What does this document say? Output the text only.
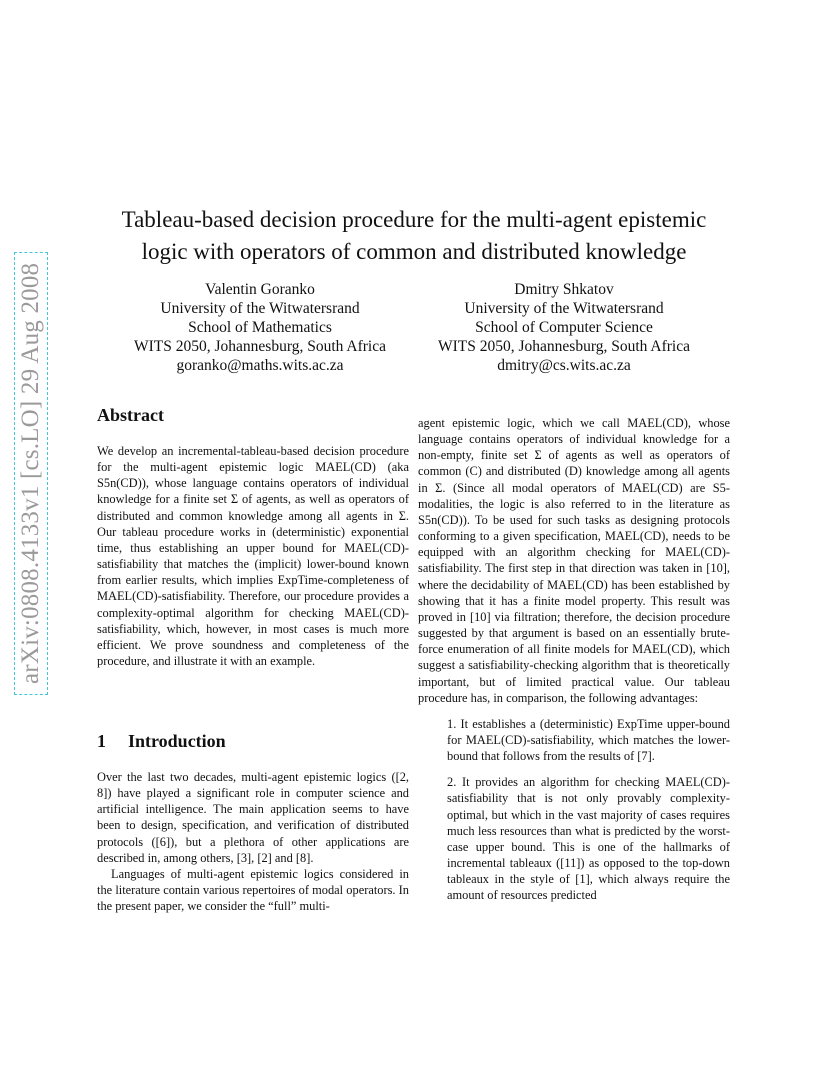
arXiv:0808.4133v1 [cs.LO] 29 Aug 2008
Tableau-based decision procedure for the multi-agent epistemic logic with operators of common and distributed knowledge
Valentin Goranko
University of the Witwatersrand
School of Mathematics
WITS 2050, Johannesburg, South Africa
goranko@maths.wits.ac.za
Dmitry Shkatov
University of the Witwatersrand
School of Computer Science
WITS 2050, Johannesburg, South Africa
dmitry@cs.wits.ac.za
Abstract

We develop an incremental-tableau-based decision procedure for the multi-agent epistemic logic MAEL(CD) (aka S5n(CD)), whose language contains operators of individual knowledge for a finite set Σ of agents, as well as operators of distributed and common knowledge among all agents in Σ. Our tableau procedure works in (deterministic) exponential time, thus establishing an upper bound for MAEL(CD)-satisfiability that matches the (implicit) lower-bound known from earlier results, which implies ExpTime-completeness of MAEL(CD)-satisfiability. Therefore, our procedure provides a complexity-optimal algorithm for checking MAEL(CD)-satisfiability, which, however, in most cases is much more efficient. We prove soundness and completeness of the procedure, and illustrate it with an example.

1 Introduction

Over the last two decades, multi-agent epistemic logics ([2, 8]) have played a significant role in computer science and artificial intelligence. The main application seems to have been to design, specification, and verification of distributed protocols ([6]), but a plethora of other applications are described in, among others, [3], [2] and [8].

Languages of multi-agent epistemic logics considered in the literature contain various repertoires of modal operators. In the present paper, we consider the “full” multi-

agent epistemic logic, which we call MAEL(CD), whose language contains operators of individual knowledge for a non-empty, finite set Σ of agents as well as operators of common (C) and distributed (D) knowledge among all agents in Σ. (Since all modal operators of MAEL(CD) are S5-modalities, the logic is also referred to in the literature as S5n(CD)). To be used for such tasks as designing protocols conforming to a given specification, MAEL(CD), needs to be equipped with an algorithm checking for MAEL(CD)-satisfiability. The first step in that direction was taken in [10], where the decidability of MAEL(CD) has been established by showing that it has a finite model property. This result was proved in [10] via filtration; therefore, the decision procedure suggested by that argument is based on an essentially brute-force enumeration of all finite models for MAEL(CD), which suggest a satisfiability-checking algorithm that is theoretically important, but of limited practical value. Our tableau procedure has, in comparison, the following advantages:

1. It establishes a (deterministic) ExpTime upper-bound for MAEL(CD)-satisfiability, which matches the lower-bound that follows from the results of [7].
2. It provides an algorithm for checking MAEL(CD)-satisfiability that is not only provably complexity-optimal, but which in the vast majority of cases requires much less resources than what is predicted by the worst-case upper bound. This is one of the hallmarks of incremental tableaux ([11]) as opposed to the top-down tableaux in the style of [1], which always require the amount of resources predicted
